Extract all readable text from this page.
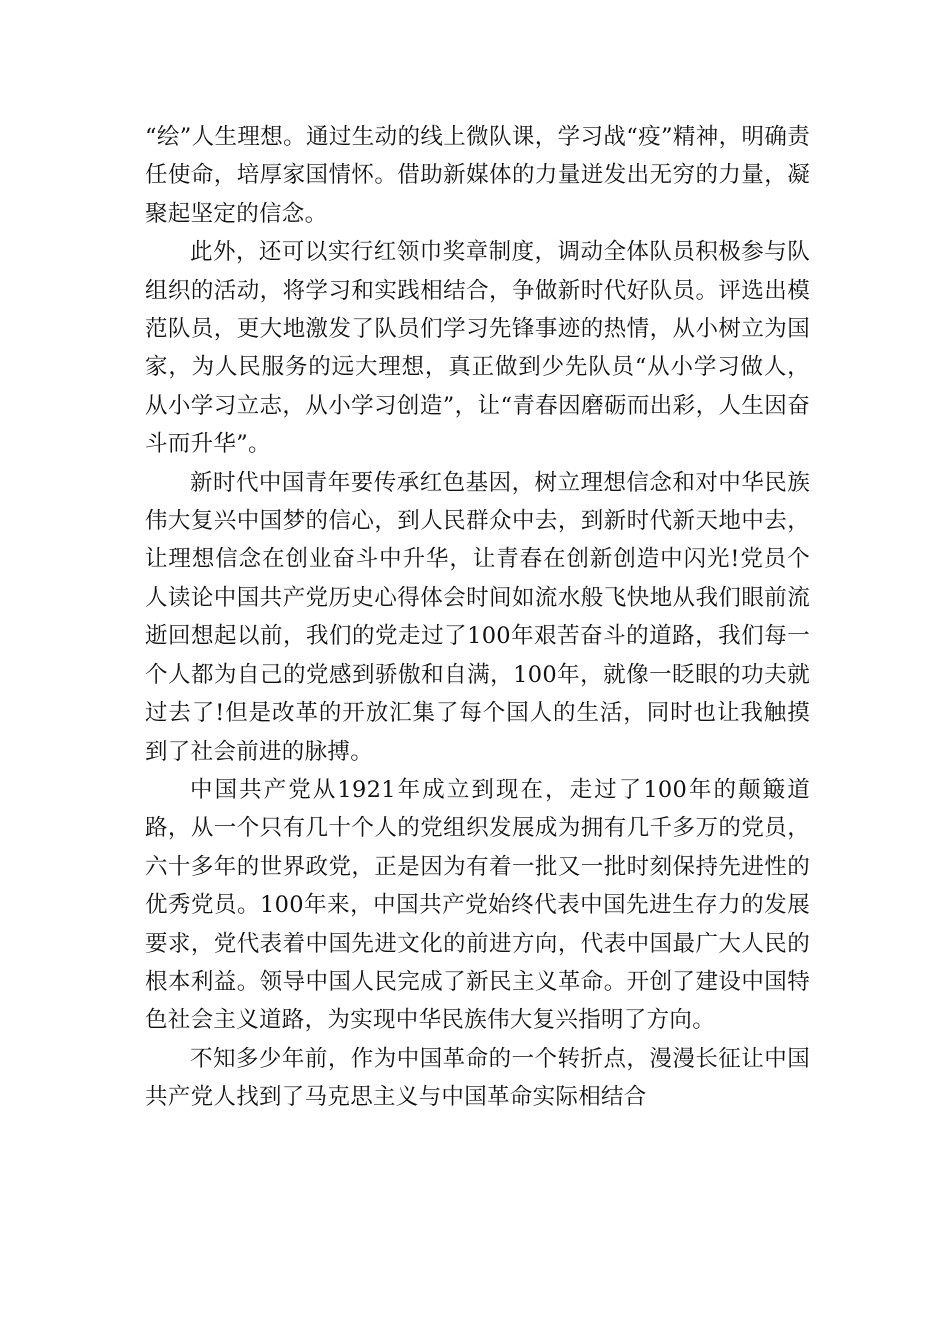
“绘”人生理想。通过生动的线上微队课，学习战“疫”精神，明确责任使命，培厚家国情怀。借助新媒体的力量迸发出无穷的力量，凝聚起坚定的信念。

此外，还可以实行红领巾奖章制度，调动全体队员积极参与队组织的活动，将学习和实践相结合，争做新时代好队员。评选出模范队员，更大地激发了队员们学习先锋事迹的热情，从小树立为国家，为人民服务的远大理想，真正做到少先队员“从小学习做人，从小学习立志，从小学习创造”，让“青春因磨砺而出彩，人生因奋斗而升华”。

新时代中国青年要传承红色基因，树立理想信念和对中华民族伟大复兴中国梦的信心，到人民群众中去，到新时代新天地中去，让理想信念在创业奋斗中升华，让青春在创新创造中闪光!党员个人读论中国共产党历史心得体会时间如流水般飞快地从我们眼前流逝回想起以前，我们的党走过了100年艰苦奋斗的道路，我们每一个人都为自己的党感到骄傲和自满，100年，就像一眨眼的功夫就过去了!但是改革的开放汇集了每个国人的生活，同时也让我触摸到了社会前进的脉搏。

中国共产党从1921年成立到现在，走过了100年的颠簸道路，从一个只有几十个人的党组织发展成为拥有几千多万的党员，六十多年的世界政党，正是因为有着一批又一批时刻保持先进性的优秀党员。100年来，中国共产党始终代表中国先进生存力的发展要求，党代表着中国先进文化的前进方向，代表中国最广大人民的根本利益。领导中国人民完成了新民主义革命。开创了建设中国特色社会主义道路，为实现中华民族伟大复兴指明了方向。

不知多少年前，作为中国革命的一个转折点，漫漫长征让中国共产党人找到了马克思主义与中国革命实际相结合
